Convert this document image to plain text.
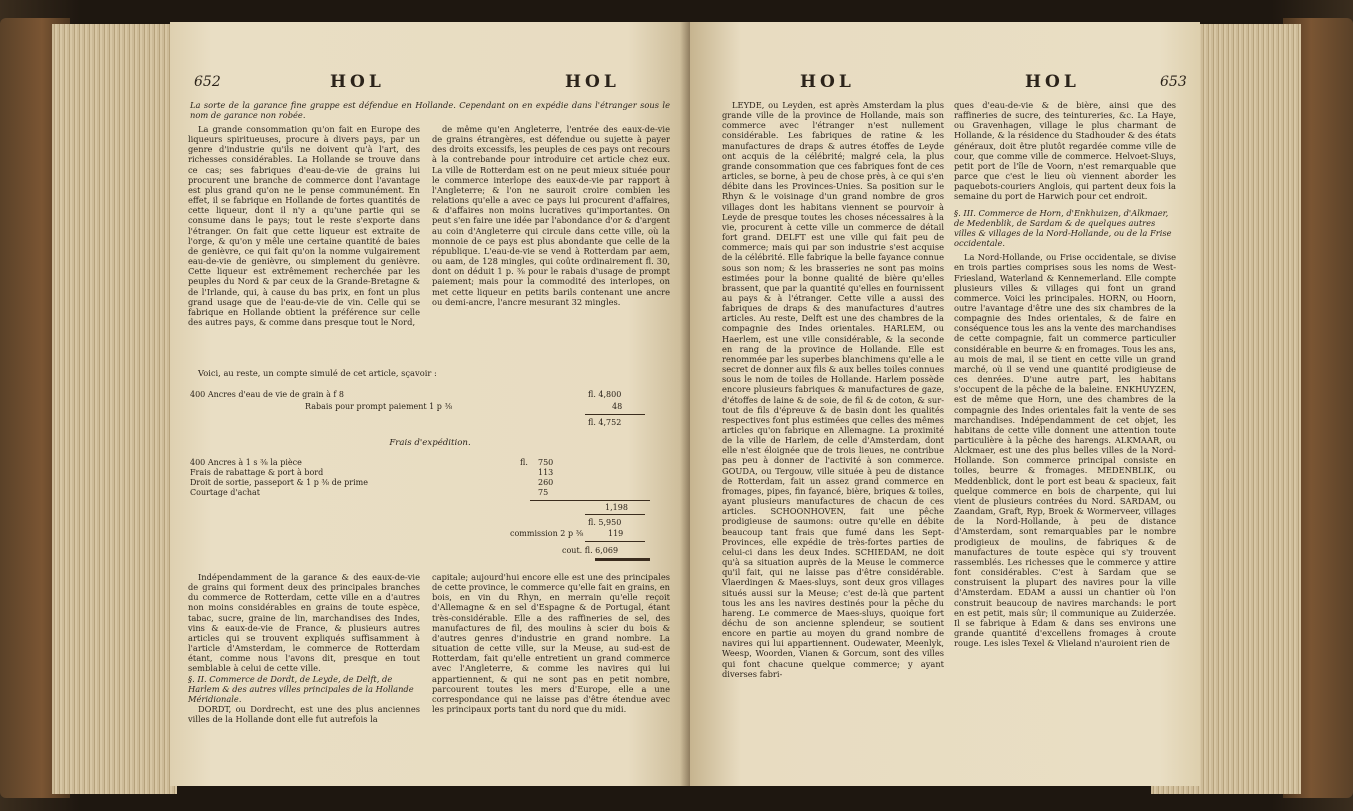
652	HOL	HOL
La sorte de la garance fine grappe est défendue en Hollande. Cependant on en expédie dans l'étranger sous le nom de garance non robée.

La grande consommation qu'on fait en Europe des liqueurs spiritueuses, procure à divers pays, par un genre d'industrie qu'ils ne doivent qu'à l'art, des richesses considérables. La Hollande se trouve dans ce cas; ses fabriques d'eau-de-vie de grains lui procurent une branche de commerce dont l'avantage est plus grand qu'on ne le pense communément. En effet, il se fabrique en Hollande de fortes quantités de cette liqueur, dont il n'y a qu'une partie qui se consume dans le pays; tout le reste s'exporte dans l'étranger. On fait que cette liqueur est extraite de l'orge, & qu'on y mêle une certaine quantité de baies de genièvre, ce qui fait qu'on la nomme vulgairement eau-de-vie de genièvre, ou simplement du genièvre. Cette liqueur est extrêmement recherchée par les peuples du Nord & par ceux de la Grande-Bretagne & de l'Irlande, qui, à cause du bas prix, en font un plus grand usage que de l'eau-de-vie de vin. Celle qui se fabrique en Hollande obtient la préférence sur celle des autres pays, & comme dans presque tout le Nord,

de même qu'en Angleterre, l'entrée des eaux-de-vie de grains étrangères, est défendue ou sujette à payer des droits excessifs, les peuples de ces pays ont recours à la contrebande pour introduire cet article chez eux. La ville de Rotterdam est on ne peut mieux située pour le commerce interlope des eaux-de-vie par rapport à l'Angleterre; & l'on ne sauroit croire combien les relations qu'elle a avec ce pays lui procurent d'affaires, & d'affaires non moins lucratives qu'importantes. On peut s'en faire une idée par l'abondance d'or & d'argent au coin d'Angleterre qui circule dans cette ville, où la monnoie de ce pays est plus abondante que celle de la république. L'eau-de-vie se vend à Rotterdam par aem, ou aam, de 128 mingles, qui coûte ordinairement fl. 30, dont on déduit 1 p. ⅜ pour le rabais d'usage de prompt paiement; mais pour la commodité des interlopes, on met cette liqueur en petits barils contenant une ancre ou demi-ancre, l'ancre mesurant 32 mingles.

Voici, au reste, un compte simulé de cet article, sçavoir :

400 Ancres d'eau de vie de grain à f 8	fl. 4,800
Rabais pour prompt paiement 1 p ⅜	48
fl. 4,752
Frais d'expédition.
400 Ancres à 1 s ⅜ la pièce	fl. 750
Frais de rabattage & port à bord	113
Droit de sortie, passeport & 1 p ⅜ de prime	260
Courtage d'achat	75
1,198
fl. 5,950
commission 2 p ⅜	119
cout. fl. 6,069

Indépendamment de la garance & des eaux-de-vie de grains qui forment deux des principales branches du commerce de Rotterdam, cette ville en a d'autres non moins considérables en grains de toute espèce, tabac, sucre, graine de lin, marchandises des Indes, vins & eaux-de-vie de France, & plusieurs autres articles qui se trouvent expliqués suffisamment à l'article d'Amsterdam, le commerce de Rotterdam étant, comme nous l'avons dit, presque en tout semblable à celui de cette ville.

§. II. Commerce de Dordt, de Leyde, de Delft, de Harlem & des autres villes principales de la Hollande Méridionale.

DORDT, ou Dordrecht, est une des plus anciennes villes de la Hollande dont elle fut autrefois la

capitale; aujourd'hui encore elle est une des principales de cette province, le commerce qu'elle fait en grains, en bois, en vin du Rhyn, en merrain qu'elle reçoit d'Allemagne & en sel d'Espagne & de Portugal, étant très-considérable. Elle a des raffineries de sel, des manufactures de fil, des moulins à scier du bois & d'autres genres d'industrie en grand nombre. La situation de cette ville, sur la Meuse, au sud-est de Rotterdam, fait qu'elle entretient un grand commerce avec l'Angleterre, & comme les navires qui lui appartiennent, & qui ne sont pas en petit nombre, parcourent toutes les mers d'Europe, elle a une correspondance qui ne laisse pas d'être étendue avec les principaux ports tant du nord que du midi.

HOL	HOL	653

LEYDE, ou Leyden, est après Amsterdam la plus grande ville de la province de Hollande, mais son commerce avec l'étranger n'est nullement considérable. Les fabriques de ratine & les manufactures de draps & autres étoffes de Leyde ont acquis de la célébrité; malgré cela, la plus grande consommation que ces fabriques font de ces articles, se borne, à peu de chose près, à ce qui s'en débite dans les Provinces-Unies. Sa position sur le Rhyn & le voisinage d'un grand nombre de gros villages dont les habitans viennent se pourvoir à Leyde de presque toutes les choses nécessaires à la vie, procurent à cette ville un commerce de détail fort grand. DELFT est une ville qui fait peu de commerce; mais qui par son industrie s'est acquise de la célébrité. Elle fabrique la belle fayance connue sous son nom; & les brasseries ne sont pas moins estimées pour la bonne qualité de bière qu'elles brassent, que par la quantité qu'elles en fournissent au pays & à l'étranger. Cette ville a aussi des fabriques de draps & des manufactures d'autres articles. Au reste, Delft est une des chambres de la compagnie des Indes orientales. HARLEM, ou Haerlem, est une ville considérable, & la seconde en rang de la province de Hollande. Elle est renommée par les superbes blanchimens qu'elle a le secret de donner aux fils & aux belles toiles connues sous le nom de toiles de Hollande. Harlem possède encore plusieurs fabriques & manufactures de gaze, d'étoffes de laine & de soie, de fil & de coton, & sur-tout de fils d'épreuve & de basin dont les qualités respectives font plus estimées que celles des mêmes articles qu'on fabrique en Allemagne. La proximité de la ville de Harlem, de celle d'Amsterdam, dont elle n'est éloignée que de trois lieues, ne contribue pas peu à donner de l'activité à son commerce. GOUDA, ou Tergouw, ville située à peu de distance de Rotterdam, fait un assez grand commerce en fromages, pipes, fin fayancé, bière, briques & toiles, ayant plusieurs manufactures de chacun de ces articles. SCHOONHOVEN, fait une pêche prodigieuse de saumons: outre qu'elle en débite beaucoup tant frais que fumé dans les Sept-Provinces, elle expédie de très-fortes parties de celui-ci dans les deux Indes. SCHIEDAM, ne doit qu'à sa situation auprès de la Meuse le commerce qu'il fait, qui ne laisse pas d'être considérable. Vlaerdingen & Maes-sluys, sont deux gros villages situés aussi sur la Meuse; c'est de-là que partent tous les ans les navires destinés pour la pêche du hareng. Le commerce de Maes-sluys, quoique fort déchu de son ancienne splendeur, se soutient encore en partie au moyen du grand nombre de navires qui lui appartiennent. Oudewater, Meenlyk, Weesp, Woorden, Vianen & Gorcum, sont des villes qui font chacune quelque commerce; y ayant diverses fabri-

ques d'eau-de-vie & de bière, ainsi que des raffineries de sucre, des teintureries, &c. La Haye, ou Gravenhagen, village le plus charmant de Hollande, & la résidence du Stadhouder & des états généraux, doit être plutôt regardée comme ville de cour, que comme ville de commerce. Helvoet-Sluys, petit port de l'île de Voorn, n'est remarquable que parce que c'est le lieu où viennent aborder les paquebots-couriers Anglois, qui partent deux fois la semaine du port de Harwich pour cet endroit.

§. III. Commerce de Horn, d'Enkhuizen, d'Alkmaer, de Medenblik, de Sardam & de quelques autres villes & villages de la Nord-Hollande, ou de la Frise occidentale.

La Nord-Hollande, ou Frise occidentale, se divise en trois parties comprises sous les noms de West-Friesland, Waterland & Kennemerland. Elle compte plusieurs villes & villages qui font un grand commerce. Voici les principales. HORN, ou Hoorn, outre l'avantage d'être une des six chambres de la compagnie des Indes orientales, & de faire en conséquence tous les ans la vente des marchandises de cette compagnie, fait un commerce particulier considérable en beurre & en fromages. Tous les ans, au mois de mai, il se tient en cette ville un grand marché, où il se vend une quantité prodigieuse de ces denrées. D'une autre part, les habitans s'occupent de la pêche de la baleine. ENKHUYZEN, est de même que Horn, une des chambres de la compagnie des Indes orientales fait la vente de ses marchandises. Indépendamment de cet objet, les habitans de cette ville donnent une attention toute particulière à la pêche des harengs. ALKMAAR, ou Alckmaer, est une des plus belles villes de la Nord-Hollande. Son commerce principal consiste en toiles, beurre & fromages. MEDENBLIK, ou Meddenblick, dont le port est beau & spacieux, fait quelque commerce en bois de charpente, qui lui vient de plusieurs contrées du Nord. SARDAM, ou Zaandam, Graft, Ryp, Broek & Wormerveer, villages de la Nord-Hollande, à peu de distance d'Amsterdam, sont remarquables par le nombre prodigieux de moulins, de fabriques & de manufactures de toute espèce qui s'y trouvent rassemblés. Les richesses que le commerce y attire font considérables. C'est à Sardam que se construisent la plupart des navires pour la ville d'Amsterdam. EDAM a aussi un chantier où l'on construit beaucoup de navires marchands: le port en est petit, mais sûr; il communique au Zuiderzée. Il se fabrique à Edam & dans ses environs une grande quantité d'excellens fromages à croute rouge. Les isles Texel & Vlieland n'auroient rien de
